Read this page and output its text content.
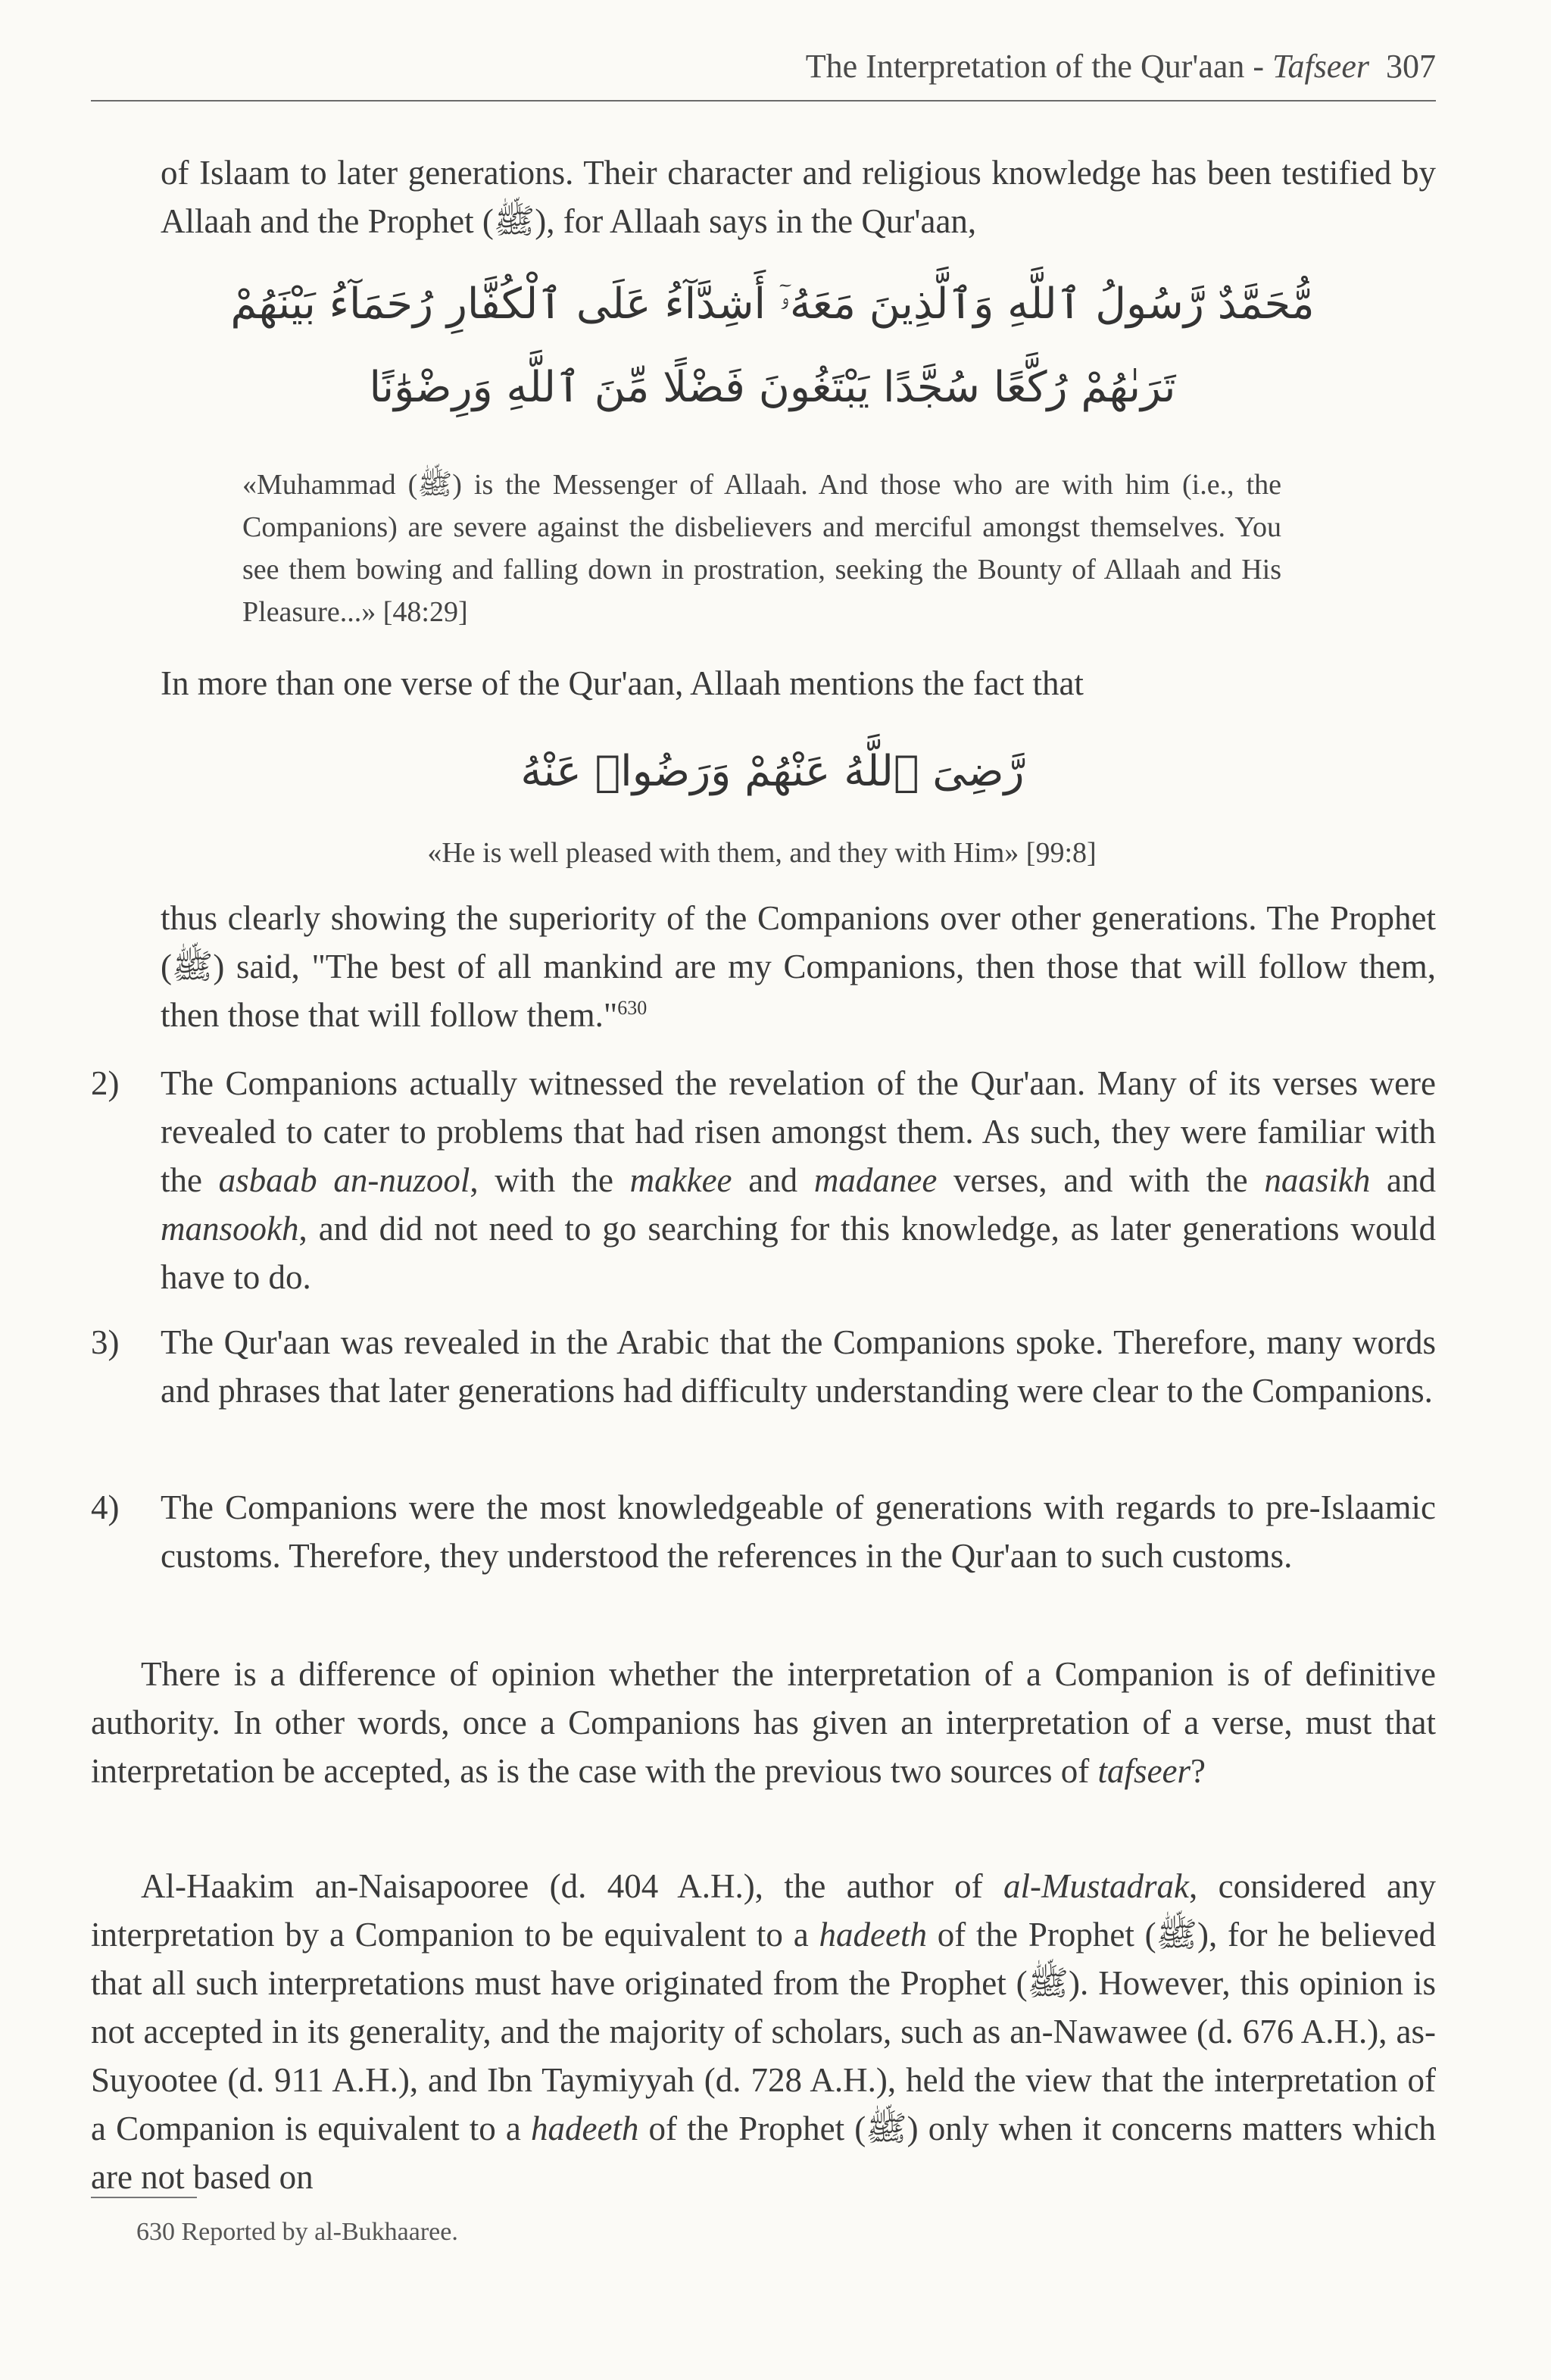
The Interpretation of the Qur'aan - Tafseer 307

of Islaam to later generations. Their character and religious knowledge has been testified by Allaah and the Prophet (ﷺ), for Allaah says in the Qur'aan,

مُّحَمَّدٌ رَّسُولُ ٱللَّهِ وَٱلَّذِينَ مَعَهُۥٓ أَشِدَّآءُ عَلَى ٱلْكُفَّارِ رُحَمَآءُ بَيْنَهُمْ
تَرَىٰهُمْ رُكَّعًا سُجَّدًا يَبْتَغُونَ فَضْلًا مِّنَ ٱللَّهِ وَرِضْوَٰنًا
«Muhammad (ﷺ) is the Messenger of Allaah. And those who are with him (i.e., the Companions) are severe against the disbelievers and merciful amongst themselves. You see them bowing and falling down in prostration, seeking the Bounty of Allaah and His Pleasure...» [48:29]

In more than one verse of the Qur'aan, Allaah mentions the fact that

رَّضِىَ ٱللَّهُ عَنْهُمْ وَرَضُوا۟ عَنْهُ
«He is well pleased with them, and they with Him» [99:8]

thus clearly showing the superiority of the Companions over other generations. The Prophet (ﷺ) said, "The best of all mankind are my Companions, then those that will follow them, then those that will follow them."$^{630}$

2) The Companions actually witnessed the revelation of the Qur'aan. Many of its verses were revealed to cater to problems that had risen amongst them. As such, they were familiar with the asbaab an-nuzool, with the makkee and madanee verses, and with the naasikh and mansookh, and did not need to go searching for this knowledge, as later generations would have to do.

3) The Qur'aan was revealed in the Arabic that the Companions spoke. Therefore, many words and phrases that later generations had difficulty understanding were clear to the Companions.

4) The Companions were the most knowledgeable of generations with regards to pre-Islaamic customs. Therefore, they understood the references in the Qur'aan to such customs.

There is a difference of opinion whether the interpretation of a Companion is of definitive authority. In other words, once a Companions has given an interpretation of a verse, must that interpretation be accepted, as is the case with the previous two sources of tafseer?

Al-Haakim an-Naisapooree (d. 404 A.H.), the author of al-Mustadrak, considered any interpretation by a Companion to be equivalent to a hadeeth of the Prophet (ﷺ), for he believed that all such interpretations must have originated from the Prophet (ﷺ). However, this opinion is not accepted in its generality, and the majority of scholars, such as an-Nawawee (d. 676 A.H.), as-Suyootee (d. 911 A.H.), and Ibn Taymiyyah (d. 728 A.H.), held the view that the interpretation of a Companion is equivalent to a hadeeth of the Prophet (ﷺ) only when it concerns matters which are not based on

630 Reported by al-Bukhaaree.
